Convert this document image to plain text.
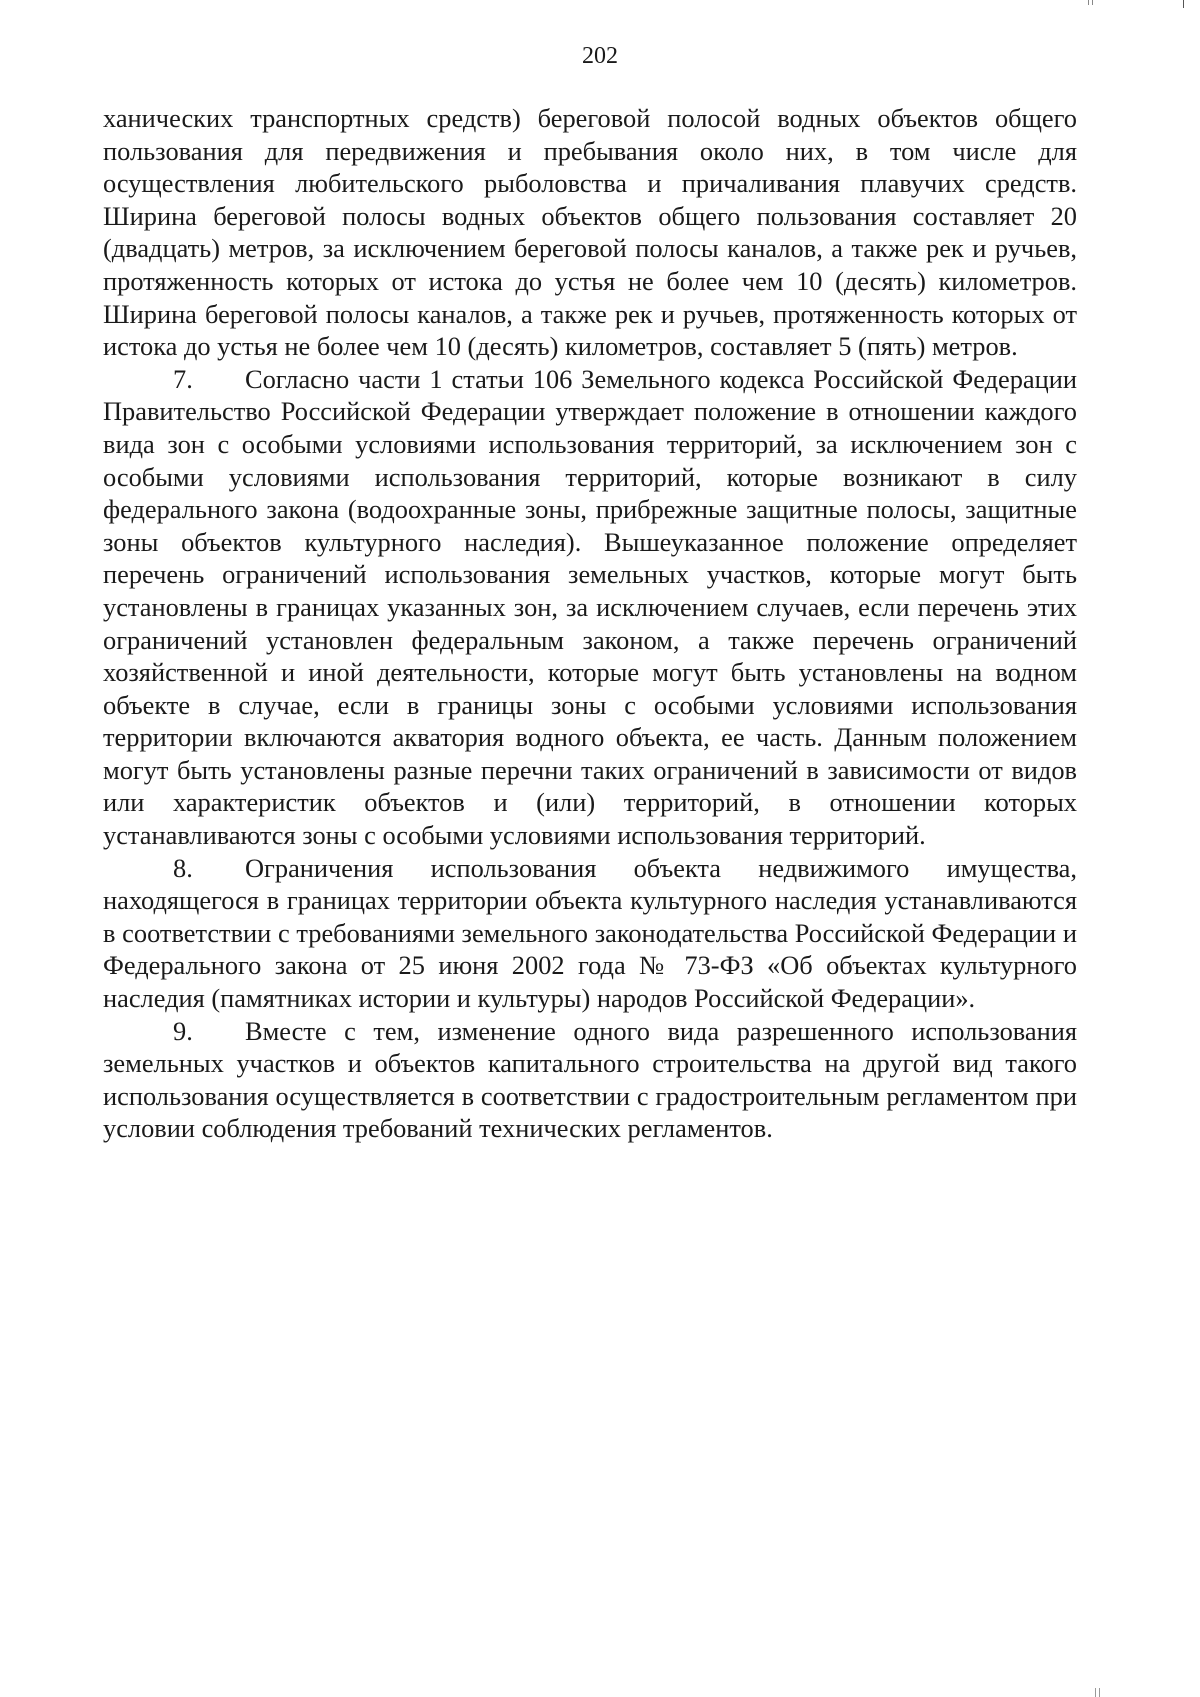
202

ханических транспортных средств) береговой полосой водных объектов общего пользования для передвижения и пребывания около них, в том числе для осуществления любительского рыболовства и причаливания плавучих средств. Ширина береговой полосы водных объектов общего пользования составляет 20 (двадцать) метров, за исключением береговой полосы каналов, а также рек и ручьев, протяженность которых от истока до устья не более чем 10 (десять) километров. Ширина береговой полосы каналов, а также рек и ручьев, протяженность которых от истока до устья не более чем 10 (десять) километров, составляет 5 (пять) метров.

7. Согласно части 1 статьи 106 Земельного кодекса Российской Федерации Правительство Российской Федерации утверждает положение в отношении каждого вида зон с особыми условиями использования территорий, за исключением зон с особыми условиями использования территорий, которые возникают в силу федерального закона (водоохранные зоны, прибрежные защитные полосы, защитные зоны объектов культурного наследия). Вышеуказанное положение определяет перечень ограничений использования земельных участков, которые могут быть установлены в границах указанных зон, за исключением случаев, если перечень этих ограничений установлен федеральным законом, а также перечень ограничений хозяйственной и иной деятельности, которые могут быть установлены на водном объекте в случае, если в границы зоны с особыми условиями использования территории включаются акватория водного объекта, ее часть. Данным положением могут быть установлены разные перечни таких ограничений в зависимости от видов или характеристик объектов и (или) территорий, в отношении которых устанавливаются зоны с особыми условиями использования территорий.

8. Ограничения использования объекта недвижимого имущества, находящегося в границах территории объекта культурного наследия устанавливаются в соответствии с требованиями земельного законодательства Российской Федерации и Федерального закона от 25 июня 2002 года № 73-ФЗ «Об объектах культурного наследия (памятниках истории и культуры) народов Российской Федерации».

9. Вместе с тем, изменение одного вида разрешенного использования земельных участков и объектов капитального строительства на другой вид такого использования осуществляется в соответствии с градостроительным регламентом при условии соблюдения требований технических регламентов.
